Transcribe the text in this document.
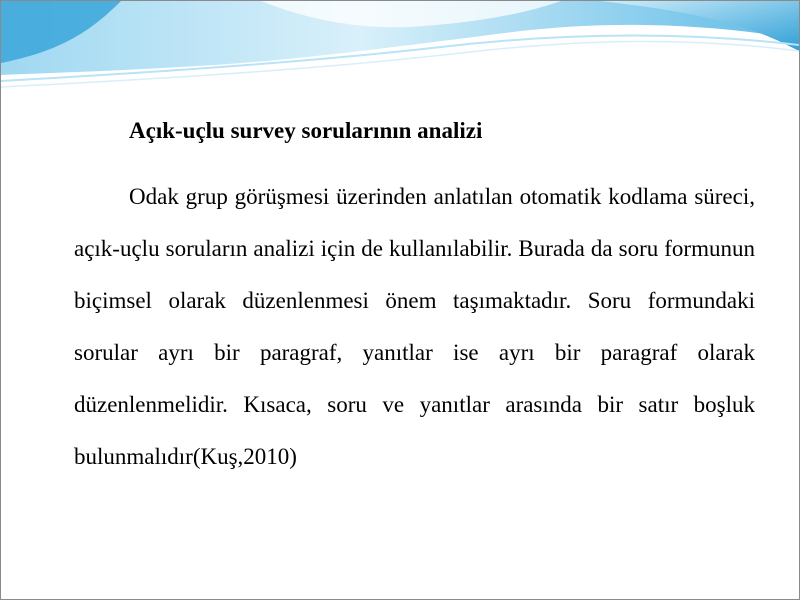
Açık-uçlu survey sorularının analizi

Odak grup görüşmesi üzerinden anlatılan otomatik kodlama süreci, açık-uçlu soruların analizi için de kullanılabilir. Burada da soru formunun biçimsel olarak düzenlenmesi önem taşımaktadır. Soru formundaki sorular ayrı bir paragraf, yanıtlar ise ayrı bir paragraf olarak düzenlenmelidir. Kısaca, soru ve yanıtlar arasında bir satır boşluk bulunmalıdır(Kuş,2010)
